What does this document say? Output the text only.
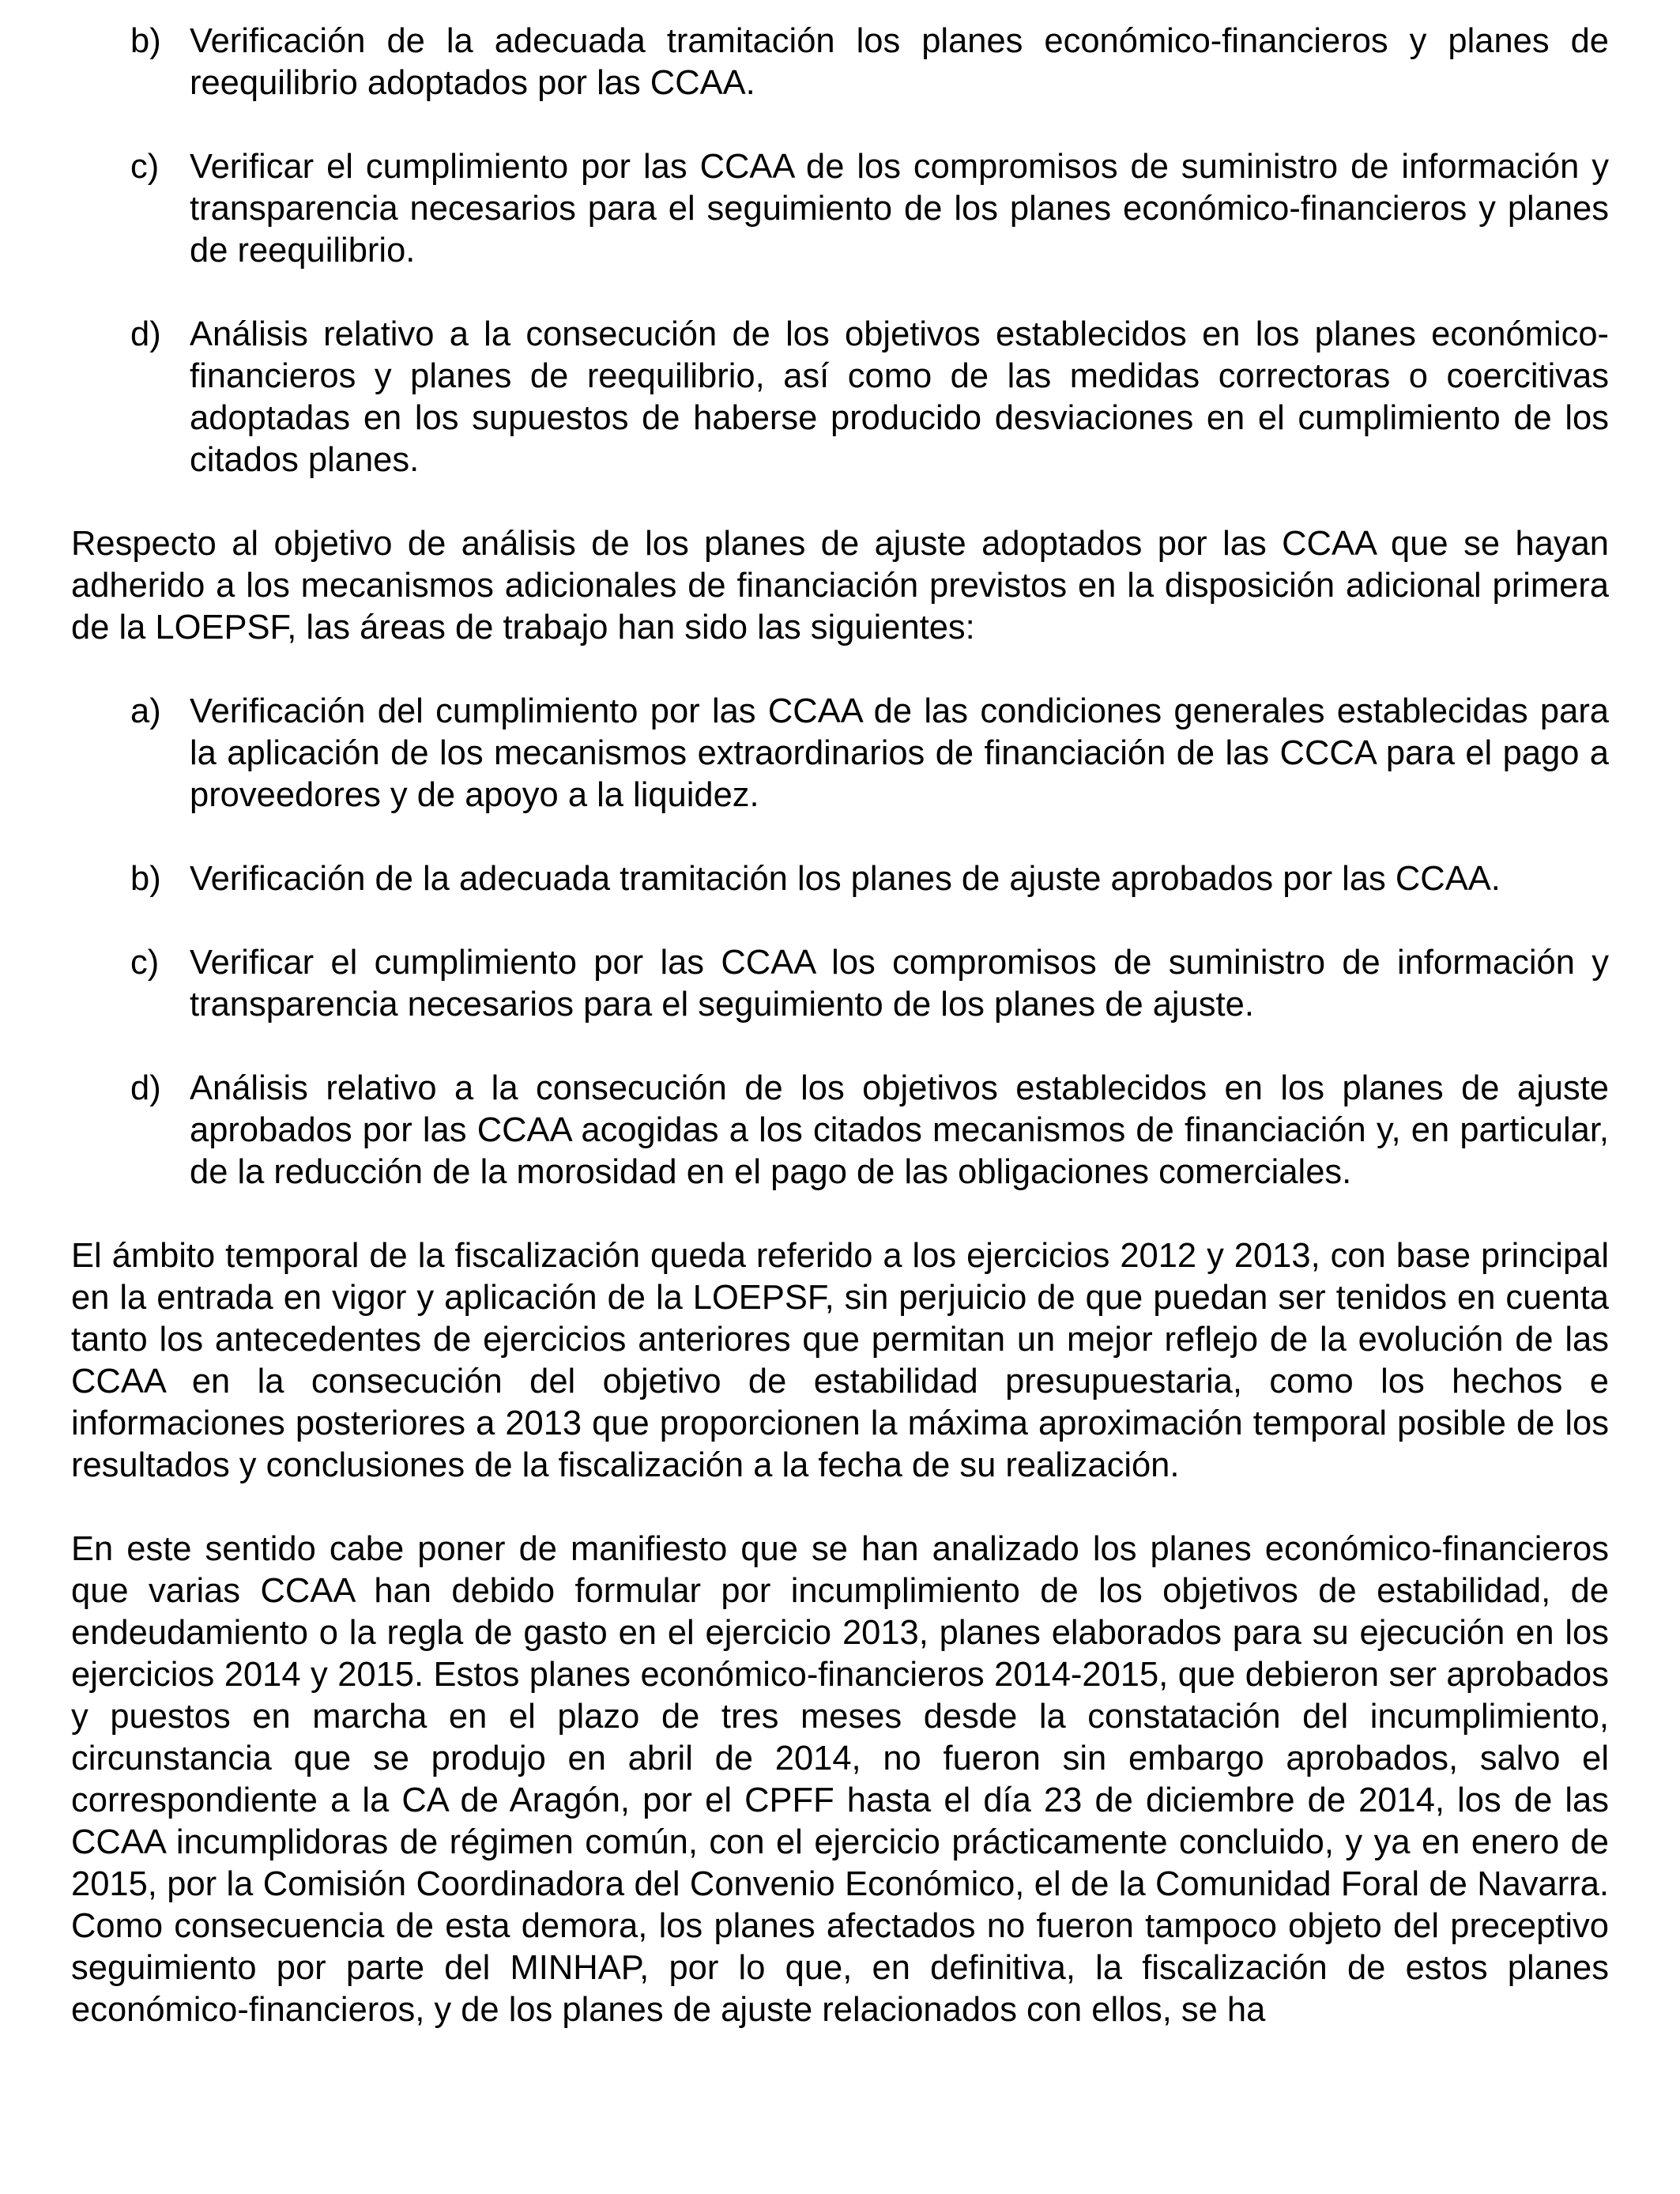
b) Verificación de la adecuada tramitación los planes económico-financieros y planes de reequilibrio adoptados por las CCAA.
c) Verificar el cumplimiento por las CCAA de los compromisos de suministro de información y transparencia necesarios para el seguimiento de los planes económico-financieros y planes de reequilibrio.
d) Análisis relativo a la consecución de los objetivos establecidos en los planes económico-financieros y planes de reequilibrio, así como de las medidas correctoras o coercitivas adoptadas en los supuestos de haberse producido desviaciones en el cumplimiento de los citados planes.

Respecto al objetivo de análisis de los planes de ajuste adoptados por las CCAA que se hayan adherido a los mecanismos adicionales de financiación previstos en la disposición adicional primera de la LOEPSF, las áreas de trabajo han sido las siguientes:

a) Verificación del cumplimiento por las CCAA de las condiciones generales establecidas para la aplicación de los mecanismos extraordinarios de financiación de las CCCA para el pago a proveedores y de apoyo a la liquidez.
b) Verificación de la adecuada tramitación los planes de ajuste aprobados por las CCAA.
c) Verificar el cumplimiento por las CCAA los compromisos de suministro de información y transparencia necesarios para el seguimiento de los planes de ajuste.
d) Análisis relativo a la consecución de los objetivos establecidos en los planes de ajuste aprobados por las CCAA acogidas a los citados mecanismos de financiación y, en particular, de la reducción de la morosidad en el pago de las obligaciones comerciales.

El ámbito temporal de la fiscalización queda referido a los ejercicios 2012 y 2013, con base principal en la entrada en vigor y aplicación de la LOEPSF, sin perjuicio de que puedan ser tenidos en cuenta tanto los antecedentes de ejercicios anteriores que permitan un mejor reflejo de la evolución de las CCAA en la consecución del objetivo de estabilidad presupuestaria, como los hechos e informaciones posteriores a 2013 que proporcionen la máxima aproximación temporal posible de los resultados y conclusiones de la fiscalización a la fecha de su realización.

En este sentido cabe poner de manifiesto que se han analizado los planes económico-financieros que varias CCAA han debido formular por incumplimiento de los objetivos de estabilidad, de endeudamiento o la regla de gasto en el ejercicio 2013, planes elaborados para su ejecución en los ejercicios 2014 y 2015. Estos planes económico-financieros 2014-2015, que debieron ser aprobados y puestos en marcha en el plazo de tres meses desde la constatación del incumplimiento, circunstancia que se produjo en abril de 2014, no fueron sin embargo aprobados, salvo el correspondiente a la CA de Aragón, por el CPFF hasta el día 23 de diciembre de 2014, los de las CCAA incumplidoras de régimen común, con el ejercicio prácticamente concluido, y ya en enero de 2015, por la Comisión Coordinadora del Convenio Económico, el de la Comunidad Foral de Navarra. Como consecuencia de esta demora, los planes afectados no fueron tampoco objeto del preceptivo seguimiento por parte del MINHAP, por lo que, en definitiva, la fiscalización de estos planes económico-financieros, y de los planes de ajuste relacionados con ellos, se ha
